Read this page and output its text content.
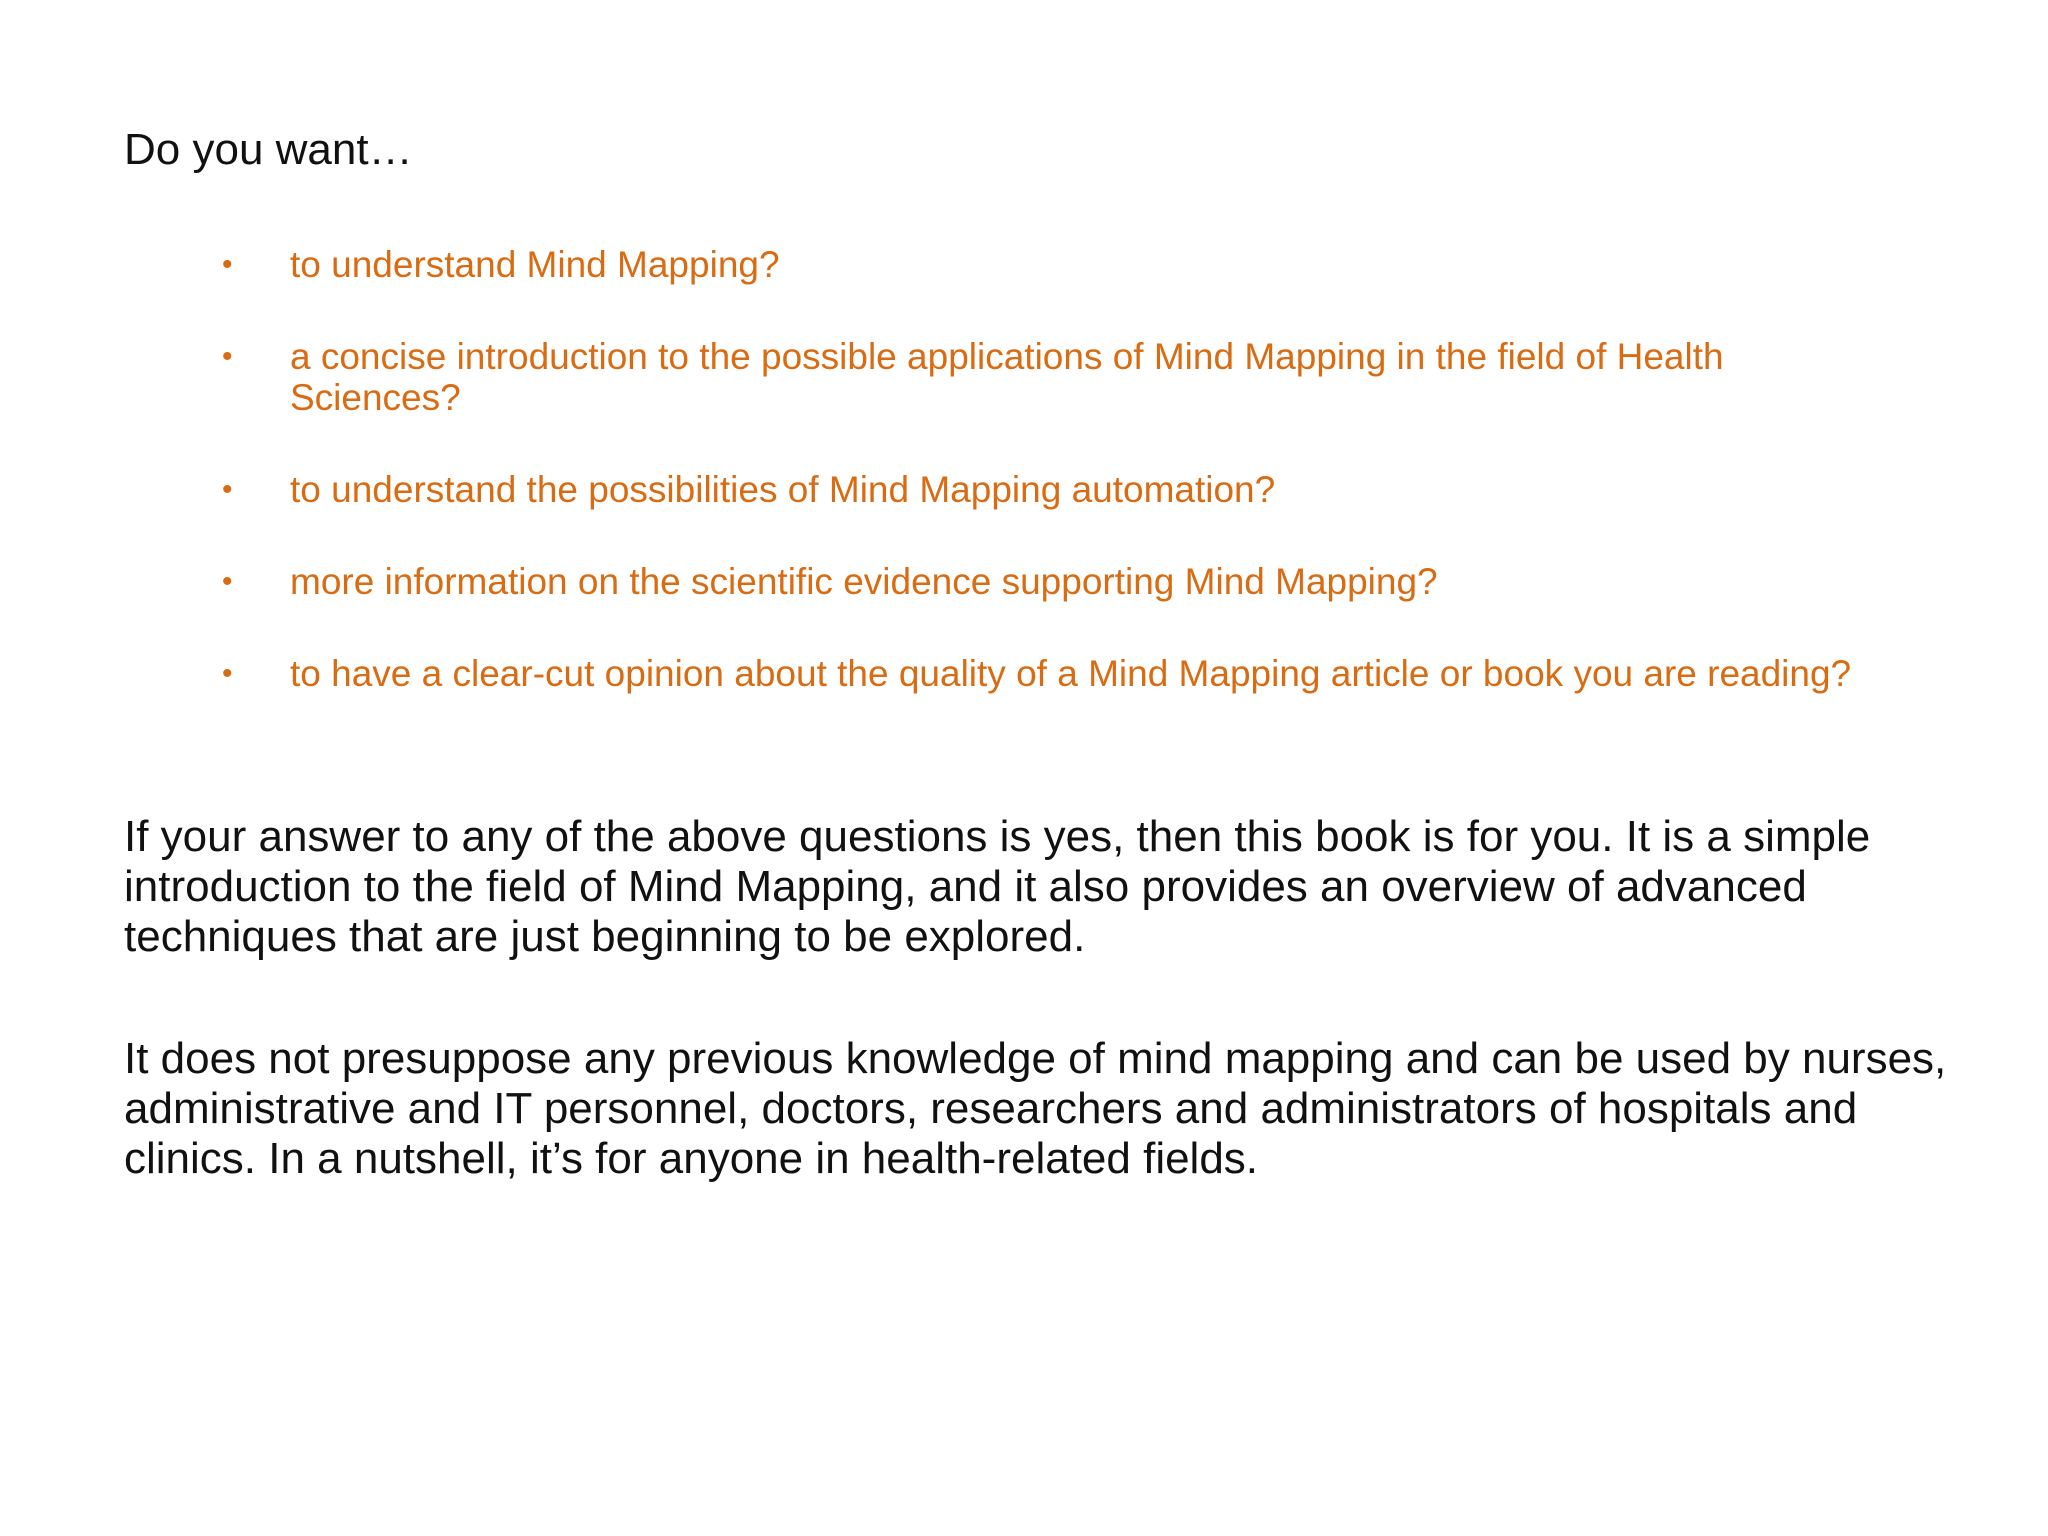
Do you want…
•	to understand Mind Mapping?
•	a concise introduction to the possible applications of Mind Mapping in the field of Health Sciences?
•	to understand the possibilities of Mind Mapping automation?
•	more information on the scientific evidence supporting Mind Mapping?
•	to have a clear-cut opinion about the quality of a Mind Mapping article or book you are reading?

If your answer to any of the above questions is yes, then this book is for you. It is a simple introduction to the field of Mind Mapping, and it also provides an overview of advanced techniques that are just beginning to be explored.

It does not presuppose any previous knowledge of mind mapping and can be used by nurses, administrative and IT personnel, doctors, researchers and administrators of hospitals and clinics. In a nutshell, it’s for anyone in health-related fields.
